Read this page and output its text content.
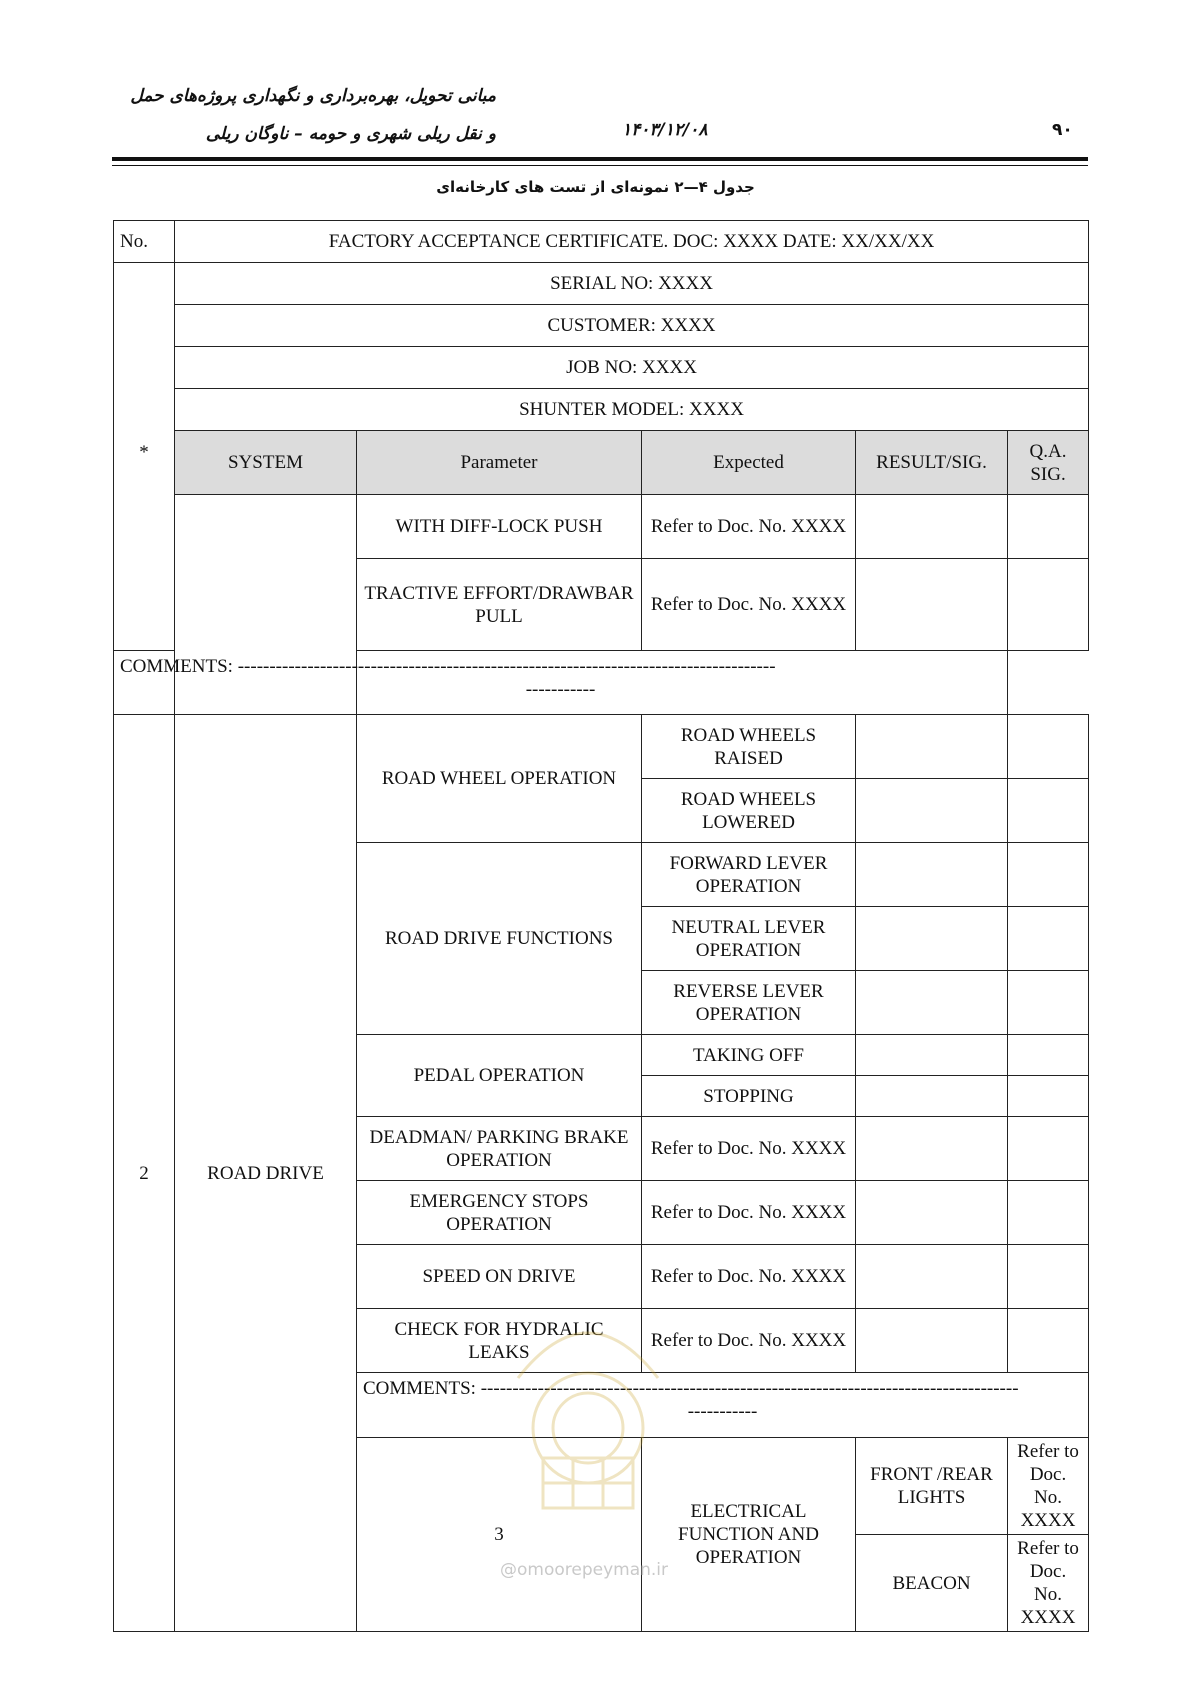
مبانی تحویل، بهره‌برداری و نگهداری پروژه‌های حمل
و نقل ریلی شهری و حومه – ناوگان ریلی	۱۴۰۳/۱۲/۰۸	۹۰
جدول ۴—۲ نمونه‌ای از تست های کارخانه‌ای
No.	FACTORY ACCEPTANCE CERTIFICATE. DOC: XXXX DATE: XX/XX/XX					
*	SERIAL NO: XXXX					
	CUSTOMER: XXXX					
	JOB NO: XXXX					
	SHUNTER MODEL: XXXX					
	SYSTEM	Parameter	Expected	RESULT/SIG.	Q.A. SIG.	
		WITH DIFF-LOCK PUSH	Refer to Doc. No. XXXX			
		TRACTIVE EFFORT/DRAWBAR PULL	Refer to Doc. No. XXXX			
COMMENTS: -------------------------------------------------------------------------------------
-----------						

2	ROAD DRIVE	ROAD WHEEL OPERATION	ROAD WHEELS RAISED			
			ROAD WHEELS LOWERED			
		ROAD DRIVE FUNCTIONS	FORWARD LEVER OPERATION			
			NEUTRAL LEVER OPERATION			
			REVERSE LEVER OPERATION			
		PEDAL OPERATION	TAKING OFF			
			STOPPING			
		DEADMAN/ PARKING BRAKE OPERATION	Refer to Doc. No. XXXX			
		EMERGENCY STOPS OPERATION	Refer to Doc. No. XXXX			
		SPEED ON DRIVE	Refer to Doc. No. XXXX			
		CHECK FOR HYDRALIC LEAKS	Refer to Doc. No. XXXX			
		COMMENTS: -------------------------------------------------------------------------------------
-----------				

		3	ELECTRICAL FUNCTION AND OPERATION	FRONT /REAR LIGHTS	Refer to Doc. No. XXXX		
				BEACON	Refer to Doc. No. XXXX		
@omoorepeyman.ir
